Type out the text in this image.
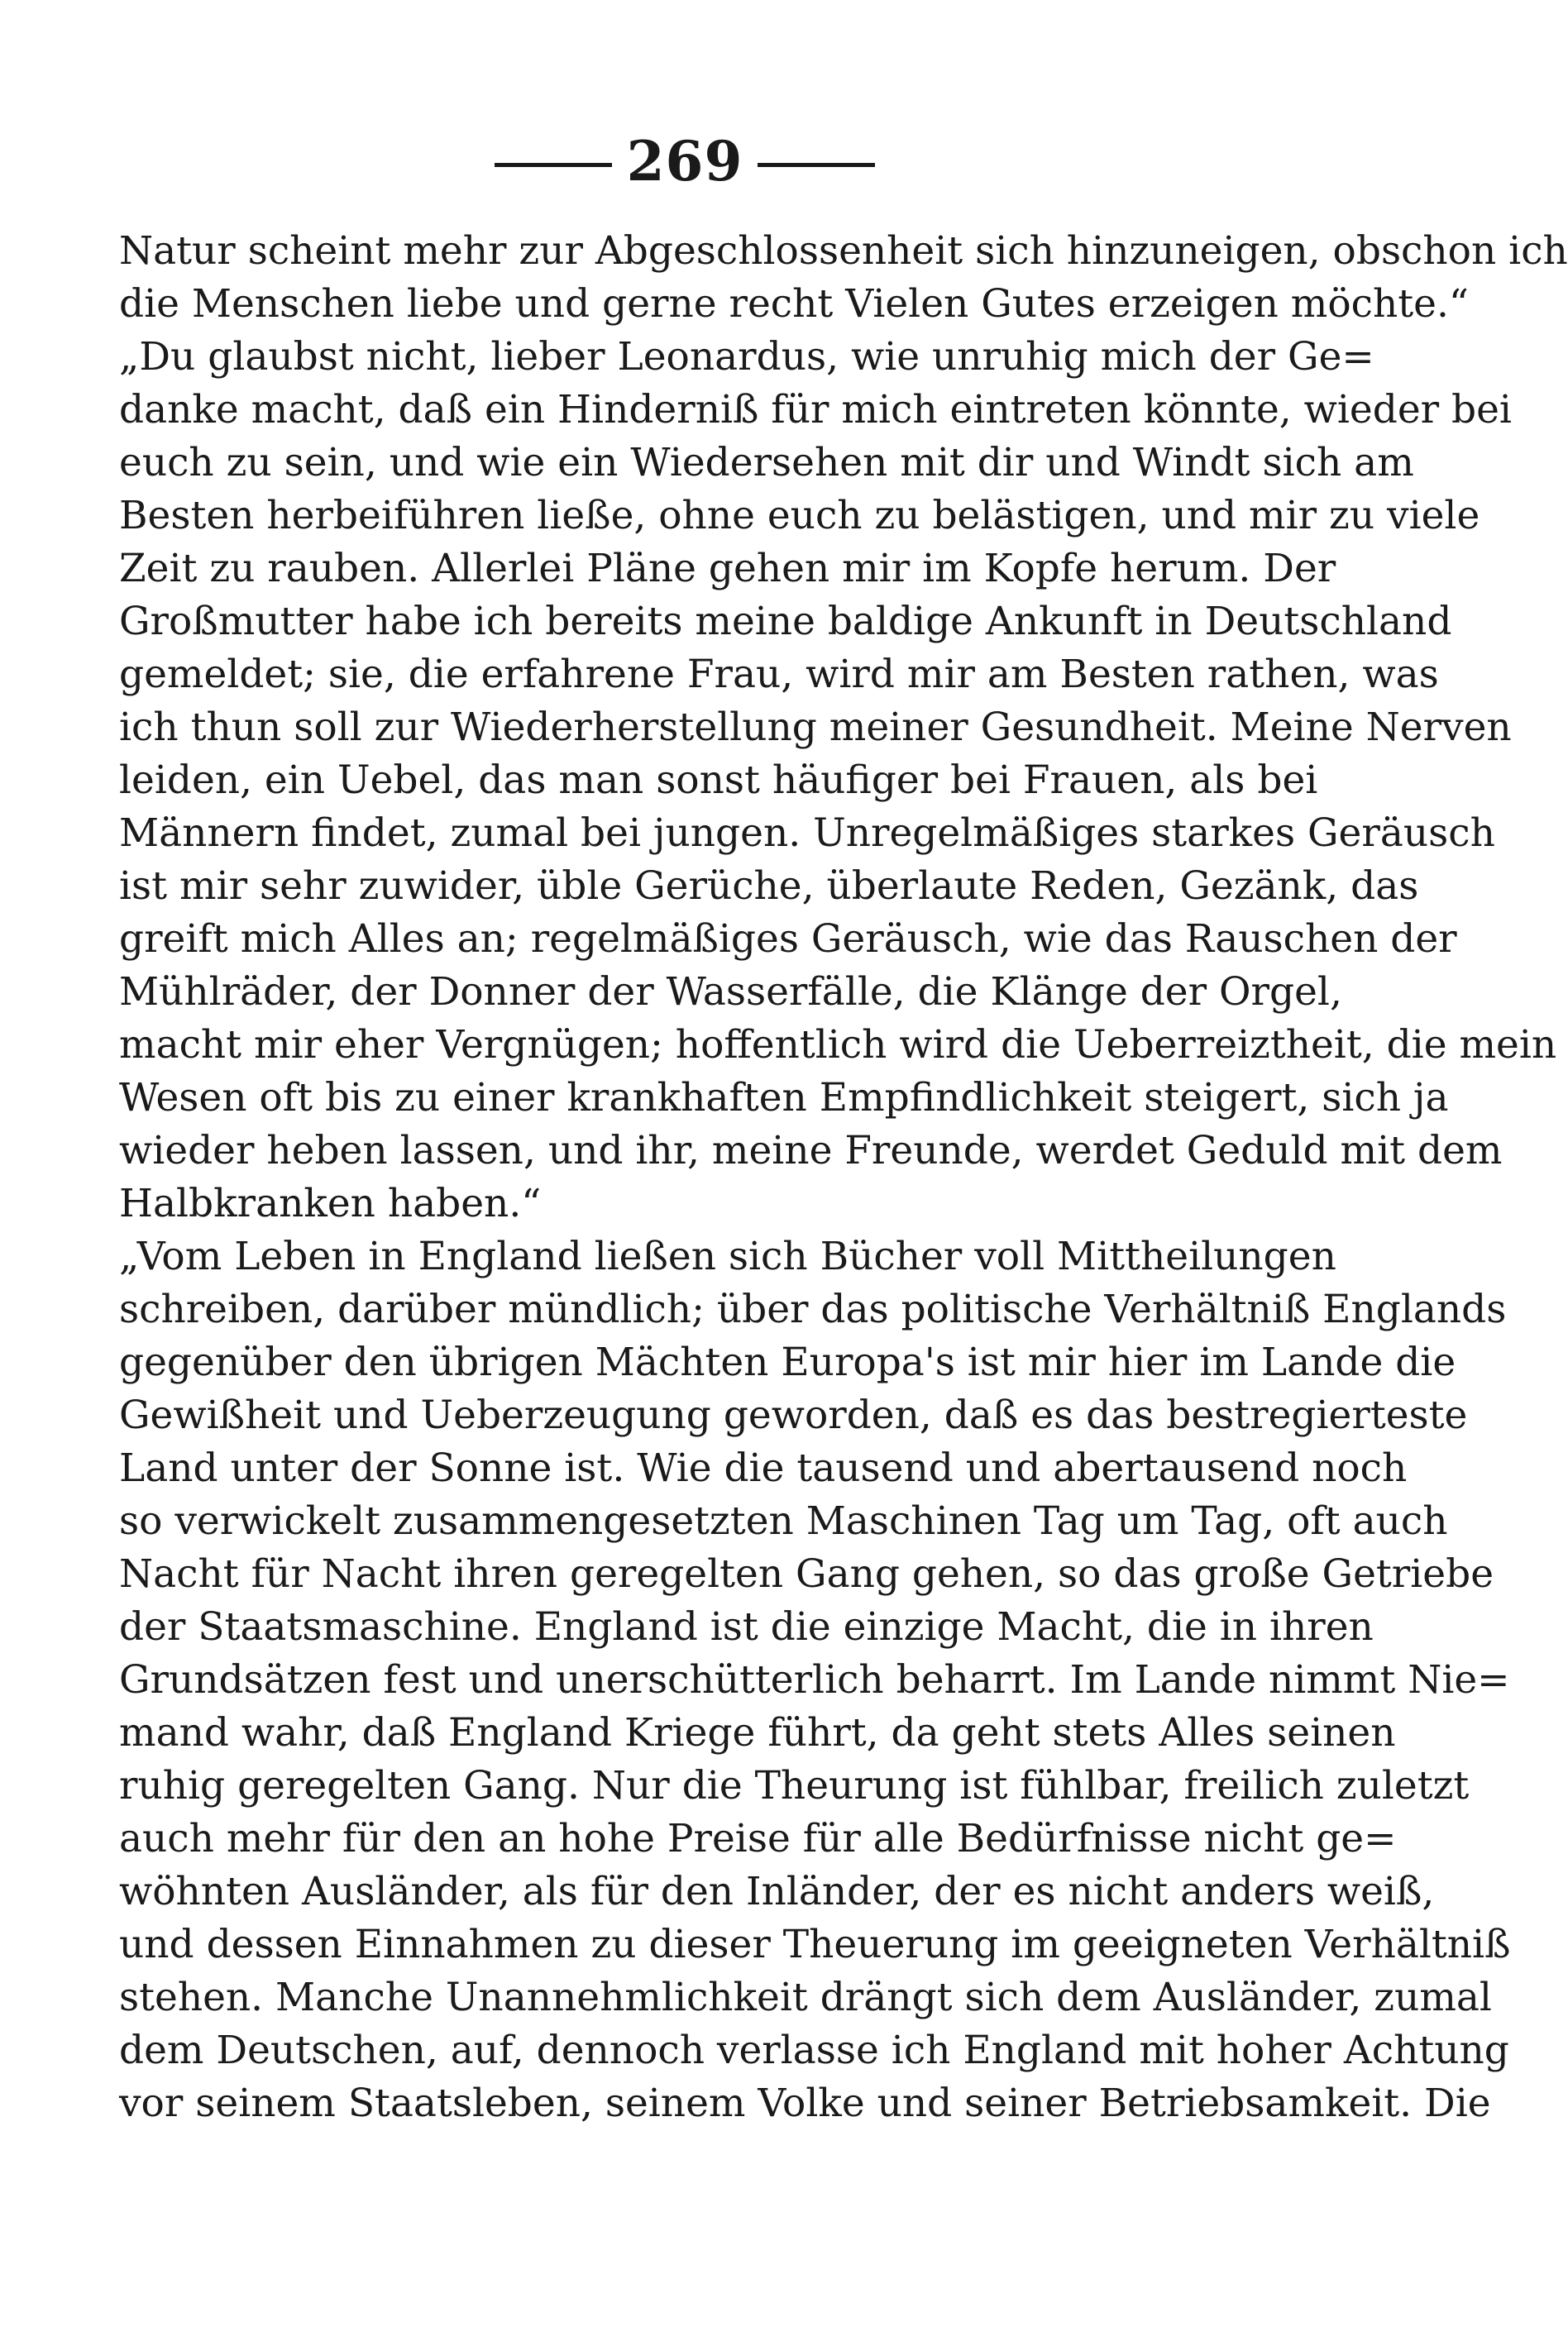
269
Natur scheint mehr zur Abgeschlossenheit sich hinzuneigen, obschon ich
die Menschen liebe und gerne recht Vielen Gutes erzeigen möchte.“
„Du glaubst nicht, lieber Leonardus, wie unruhig mich der Ge=
danke macht, daß ein Hinderniß für mich eintreten könnte, wieder bei
euch zu sein, und wie ein Wiedersehen mit dir und Windt sich am
Besten herbeiführen ließe, ohne euch zu belästigen, und mir zu viele
Zeit zu rauben. Allerlei Pläne gehen mir im Kopfe herum. Der
Großmutter habe ich bereits meine baldige Ankunft in Deutschland
gemeldet; sie, die erfahrene Frau, wird mir am Besten rathen, was
ich thun soll zur Wiederherstellung meiner Gesundheit. Meine Nerven
leiden, ein Uebel, das man sonst häufiger bei Frauen, als bei
Männern findet, zumal bei jungen. Unregelmäßiges starkes Geräusch
ist mir sehr zuwider, üble Gerüche, überlaute Reden, Gezänk, das
greift mich Alles an; regelmäßiges Geräusch, wie das Rauschen der
Mühlräder, der Donner der Wasserfälle, die Klänge der Orgel,
macht mir eher Vergnügen; hoffentlich wird die Ueberreiztheit, die mein
Wesen oft bis zu einer krankhaften Empfindlichkeit steigert, sich ja
wieder heben lassen, und ihr, meine Freunde, werdet Geduld mit dem
Halbkranken haben.“
„Vom Leben in England ließen sich Bücher voll Mittheilungen
schreiben, darüber mündlich; über das politische Verhältniß Englands
gegenüber den übrigen Mächten Europa's ist mir hier im Lande die
Gewißheit und Ueberzeugung geworden, daß es das bestregierteste
Land unter der Sonne ist. Wie die tausend und abertausend noch
so verwickelt zusammengesetzten Maschinen Tag um Tag, oft auch
Nacht für Nacht ihren geregelten Gang gehen, so das große Getriebe
der Staatsmaschine. England ist die einzige Macht, die in ihren
Grundsätzen fest und unerschütterlich beharrt. Im Lande nimmt Nie=
mand wahr, daß England Kriege führt, da geht stets Alles seinen
ruhig geregelten Gang. Nur die Theurung ist fühlbar, freilich zuletzt
auch mehr für den an hohe Preise für alle Bedürfnisse nicht ge=
wöhnten Ausländer, als für den Inländer, der es nicht anders weiß,
und dessen Einnahmen zu dieser Theuerung im geeigneten Verhältniß
stehen. Manche Unannehmlichkeit drängt sich dem Ausländer, zumal
dem Deutschen, auf, dennoch verlasse ich England mit hoher Achtung
vor seinem Staatsleben, seinem Volke und seiner Betriebsamkeit. Die
